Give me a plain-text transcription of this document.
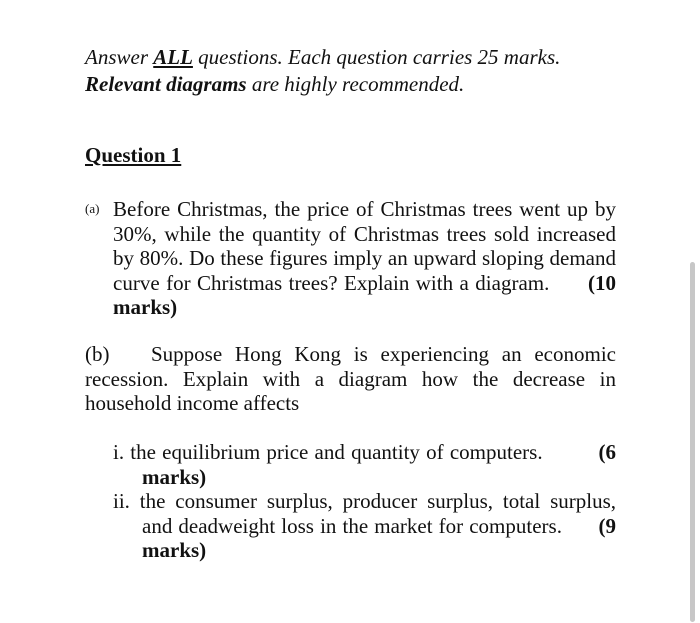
Answer ALL questions. Each question carries 25 marks.
Relevant diagrams are highly recommended.
Question 1
(a) Before Christmas, the price of Christmas trees went up by 30%, while the quantity of Christmas trees sold increased by 80%. Do these figures imply an upward sloping demand curve for Christmas trees? Explain with a diagram. (10 marks)
(b) Suppose Hong Kong is experiencing an economic recession. Explain with a diagram how the decrease in household income affects
i. the equilibrium price and quantity of computers.	(6 marks)
ii. the consumer surplus, producer surplus, total surplus, and deadweight loss in the market for computers. (9 marks)
